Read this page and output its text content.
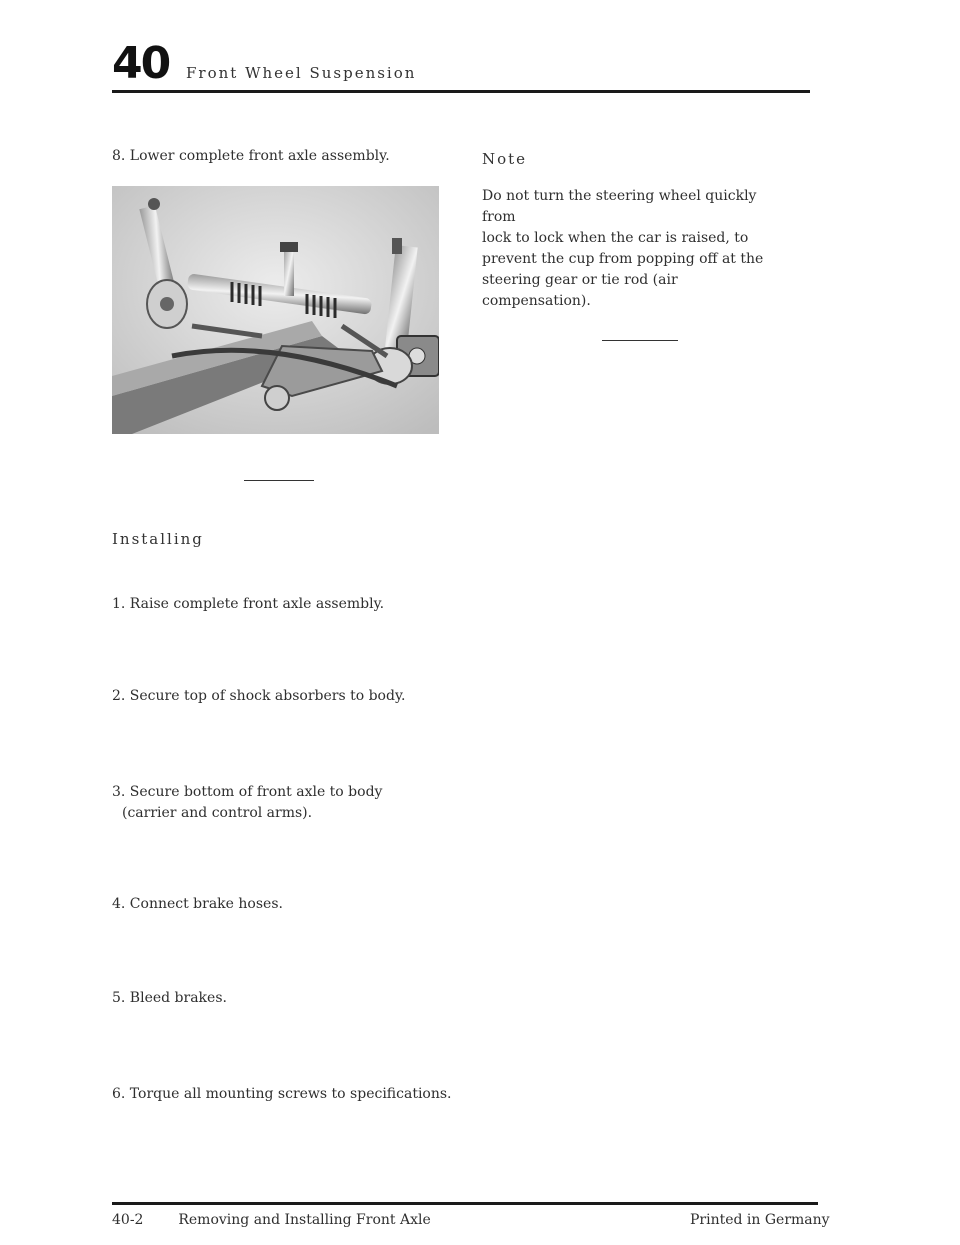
40 Front Wheel Suspension
8. Lower complete front axle assembly.
Installing
1. Raise complete front axle assembly.
2. Secure top of shock absorbers to body.
3. Secure bottom of front axle to body
(carrier and control arms).
4. Connect brake hoses.
5. Bleed brakes.
6. Torque all mounting screws to specifications.
Note
Do not turn the steering wheel quickly from
lock to lock when the car is raised, to
prevent the cup from popping off at the
steering gear or tie rod (air compensation).
40-2 Removing and Installing Front Axle	Printed in Germany
